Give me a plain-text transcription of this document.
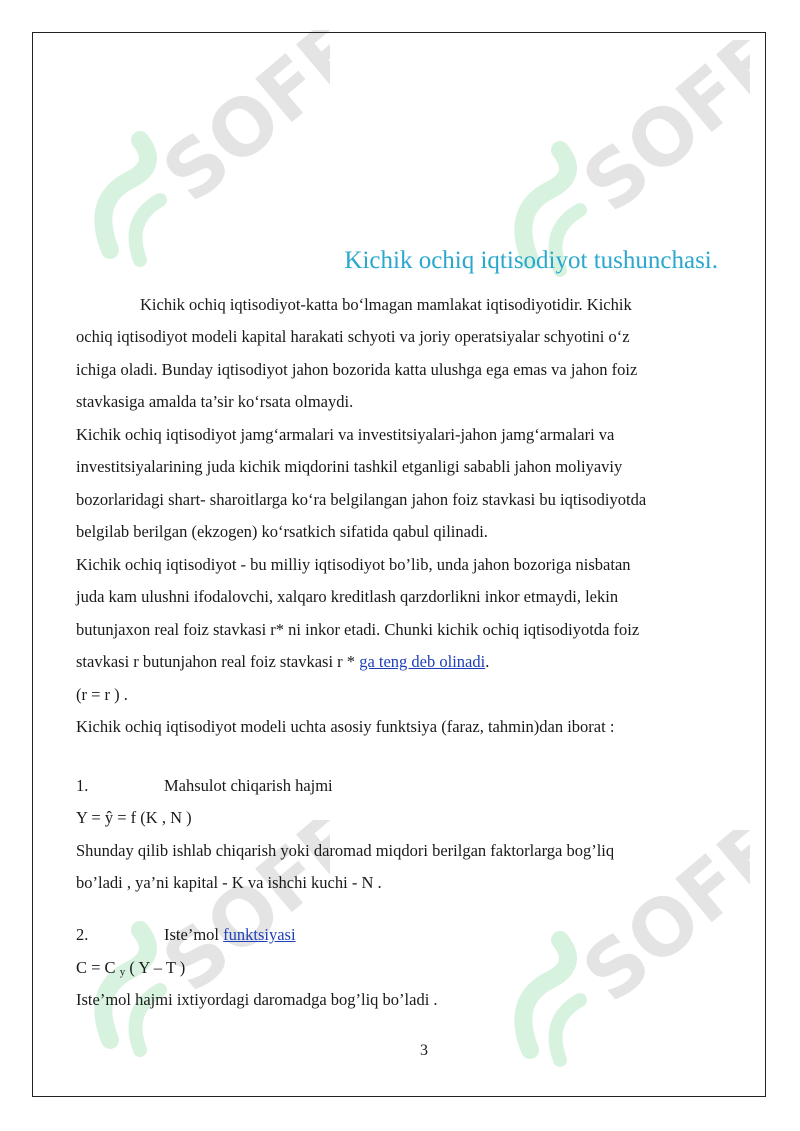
SOFF SOFF
SOFF SOFF
Kichik ochiq iqtisodiyot tushunchasi.
Kichik ochiq iqtisodiyot-katta bo‘lmagan mamlakat iqtisodiyotidir. Kichik
ochiq iqtisodiyot modeli kapital harakati schyoti va joriy operatsiyalar schyotini o‘z
ichiga oladi. Bunday iqtisodiyot jahon bozorida katta ulushga ega emas va jahon foiz
stavkasiga amalda ta’sir ko‘rsata olmaydi.
Kichik ochiq iqtisodiyot jamg‘armalari va investitsiyalari-jahon jamg‘armalari va
investitsiyalarining juda kichik miqdorini tashkil etganligi sababli jahon moliyaviy
bozorlaridagi shart- sharoitlarga ko‘ra belgilangan jahon foiz stavkasi bu iqtisodiyotda
belgilab berilgan (ekzogen) ko‘rsatkich sifatida qabul qilinadi.
Kichik ochiq iqtisodiyot - bu milliy iqtisodiyot bo’lib, unda jahon bozoriga nisbatan
juda kam ulushni ifodalovchi, xalqaro kreditlash qarzdorlikni inkor etmaydi, lekin
butunjaxon real foiz stavkasi r* ni inkor etadi. Chunki kichik ochiq iqtisodiyotda foiz
stavkasi r butunjahon real foiz stavkasi r * ga teng deb olinadi.
(r = r ) .
Kichik ochiq iqtisodiyot modeli uchta asosiy funktsiya (faraz, tahmin)dan iborat :
1.	Mahsulot chiqarish hajmi
Y = ŷ = f (K , N )
Shunday qilib ishlab chiqarish yoki daromad miqdori berilgan faktorlarga bog’liq
bo’ladi , ya’ni kapital - K va ishchi kuchi - N .
2.	Iste’mol funktsiyasi
C = C y ( Y – T )
Iste’mol hajmi ixtiyordagi daromadga bog’liq bo’ladi .
3
